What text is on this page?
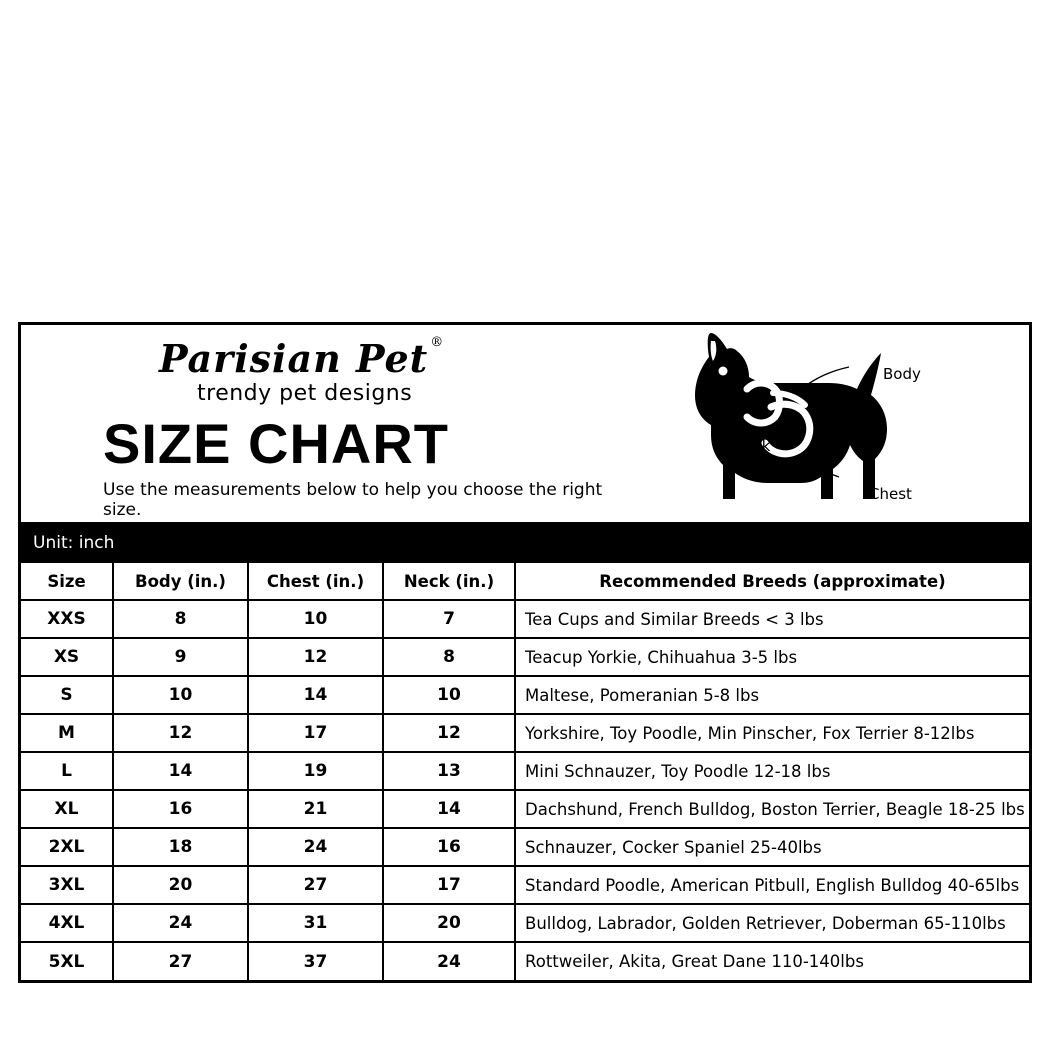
Parisian Pet ®
trendy pet designs
SIZE CHART
Use the measurements below to help you choose the right size.
Body
Neck
Chest
Unit: inch
Size	Body (in.)	Chest (in.)	Neck (in.)	Recommended Breeds (approximate)
XXS	8	10	7	Tea Cups and Similar Breeds < 3 lbs
XS	9	12	8	Teacup Yorkie, Chihuahua 3-5 lbs
S	10	14	10	Maltese, Pomeranian 5-8 lbs
M	12	17	12	Yorkshire, Toy Poodle, Min Pinscher, Fox Terrier 8-12lbs
L	14	19	13	Mini Schnauzer, Toy Poodle 12-18 lbs
XL	16	21	14	Dachshund, French Bulldog, Boston Terrier, Beagle 18-25 lbs
2XL	18	24	16	Schnauzer, Cocker Spaniel 25-40lbs
3XL	20	27	17	Standard Poodle, American Pitbull, English Bulldog 40-65lbs
4XL	24	31	20	Bulldog, Labrador, Golden Retriever, Doberman 65-110lbs
5XL	27	37	24	Rottweiler, Akita, Great Dane 110-140lbs
